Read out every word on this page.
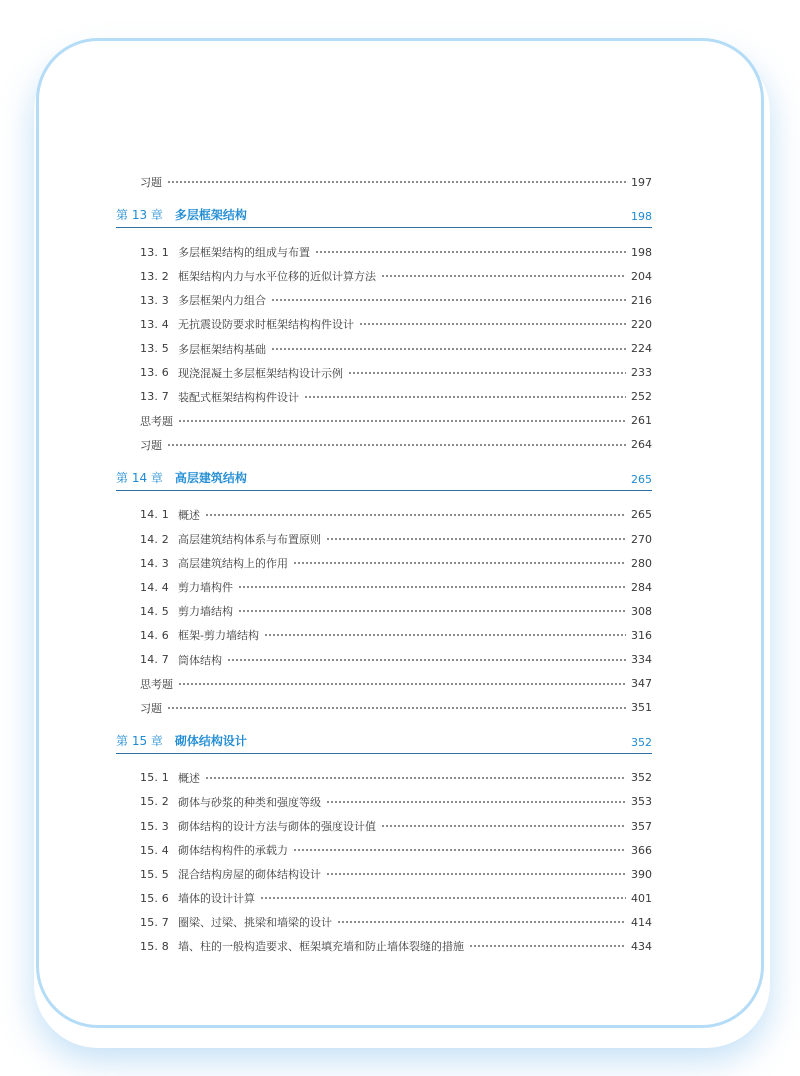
习题	197
第 13 章 多层框架结构	198
13. 1 多层框架结构的组成与布置	198
13. 2 框架结构内力与水平位移的近似计算方法	204
13. 3 多层框架内力组合	216
13. 4 无抗震设防要求时框架结构构件设计	220
13. 5 多层框架结构基础	224
13. 6 现浇混凝土多层框架结构设计示例	233
13. 7 装配式框架结构构件设计	252
思考题	261
习题	264
第 14 章 高层建筑结构	265
14. 1 概述	265
14. 2 高层建筑结构体系与布置原则	270
14. 3 高层建筑结构上的作用	280
14. 4 剪力墙构件	284
14. 5 剪力墙结构	308
14. 6 框架-剪力墙结构	316
14. 7 筒体结构	334
思考题	347
习题	351
第 15 章 砌体结构设计	352
15. 1 概述	352
15. 2 砌体与砂浆的种类和强度等级	353
15. 3 砌体结构的设计方法与砌体的强度设计值	357
15. 4 砌体结构构件的承载力	366
15. 5 混合结构房屋的砌体结构设计	390
15. 6 墙体的设计计算	401
15. 7 圈梁、过梁、挑梁和墙梁的设计	414
15. 8 墙、柱的一般构造要求、框架填充墙和防止墙体裂缝的措施	434
